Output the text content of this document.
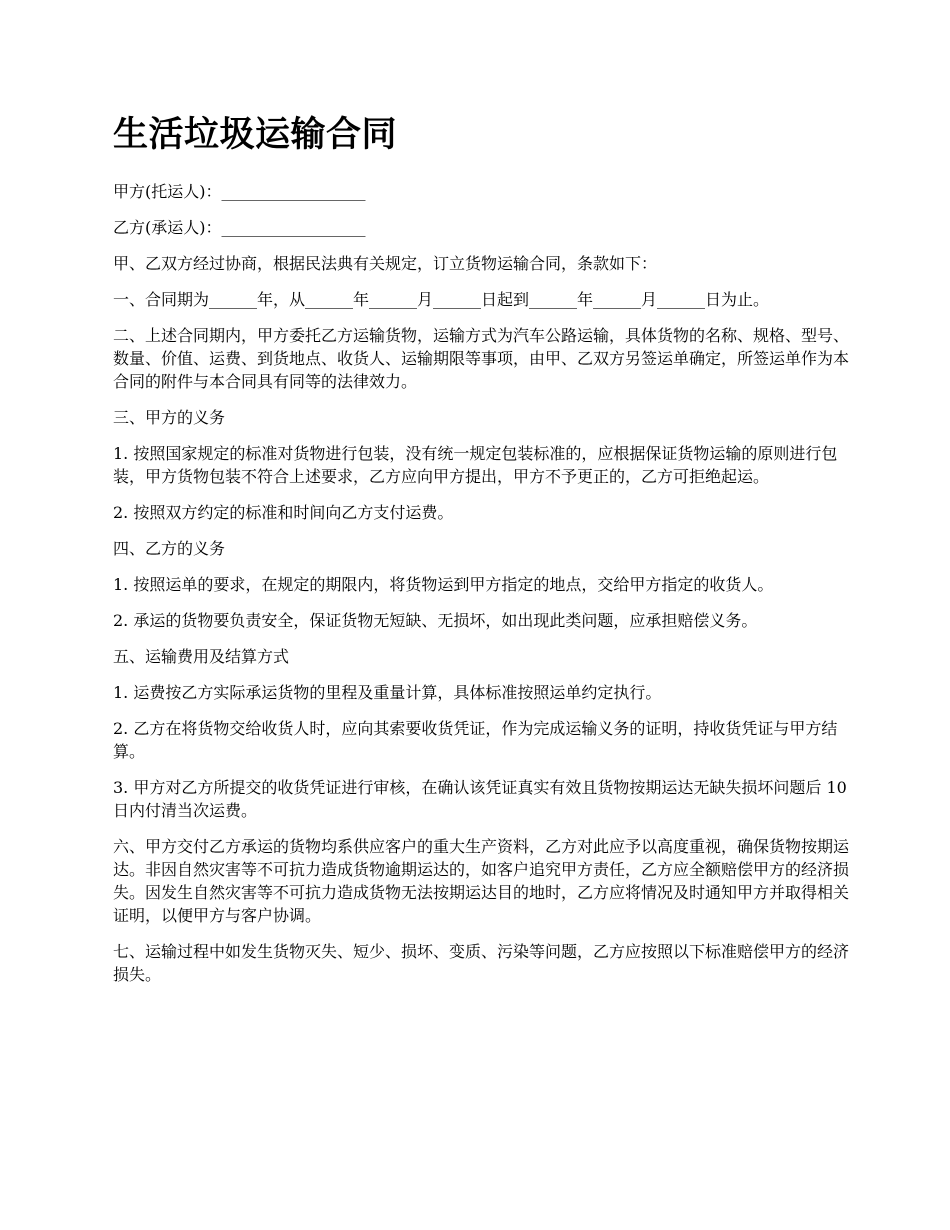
生活垃圾运输合同

甲方(托运人)：__________________

乙方(承运人)：__________________

甲、乙双方经过协商，根据民法典有关规定，订立货物运输合同，条款如下：

一、合同期为______年，从______年______月______日起到______年______月______日为止。

二、上述合同期内，甲方委托乙方运输货物，运输方式为汽车公路运输，具体货物的名称、规格、型号、数量、价值、运费、到货地点、收货人、运输期限等事项，由甲、乙双方另签运单确定，所签运单作为本合同的附件与本合同具有同等的法律效力。

三、甲方的义务

1. 按照国家规定的标准对货物进行包装，没有统一规定包装标准的，应根据保证货物运输的原则进行包装，甲方货物包装不符合上述要求，乙方应向甲方提出，甲方不予更正的，乙方可拒绝起运。

2. 按照双方约定的标准和时间向乙方支付运费。

四、乙方的义务

1. 按照运单的要求，在规定的期限内，将货物运到甲方指定的地点，交给甲方指定的收货人。

2. 承运的货物要负责安全，保证货物无短缺、无损坏，如出现此类问题，应承担赔偿义务。

五、运输费用及结算方式

1. 运费按乙方实际承运货物的里程及重量计算，具体标准按照运单约定执行。

2. 乙方在将货物交给收货人时，应向其索要收货凭证，作为完成运输义务的证明，持收货凭证与甲方结算。

3. 甲方对乙方所提交的收货凭证进行审核，在确认该凭证真实有效且货物按期运达无缺失损坏问题后 10 日内付清当次运费。

六、甲方交付乙方承运的货物均系供应客户的重大生产资料，乙方对此应予以高度重视，确保货物按期运达。非因自然灾害等不可抗力造成货物逾期运达的，如客户追究甲方责任，乙方应全额赔偿甲方的经济损失。因发生自然灾害等不可抗力造成货物无法按期运达目的地时，乙方应将情况及时通知甲方并取得相关证明，以便甲方与客户协调。

七、运输过程中如发生货物灭失、短少、损坏、变质、污染等问题，乙方应按照以下标准赔偿甲方的经济损失。
